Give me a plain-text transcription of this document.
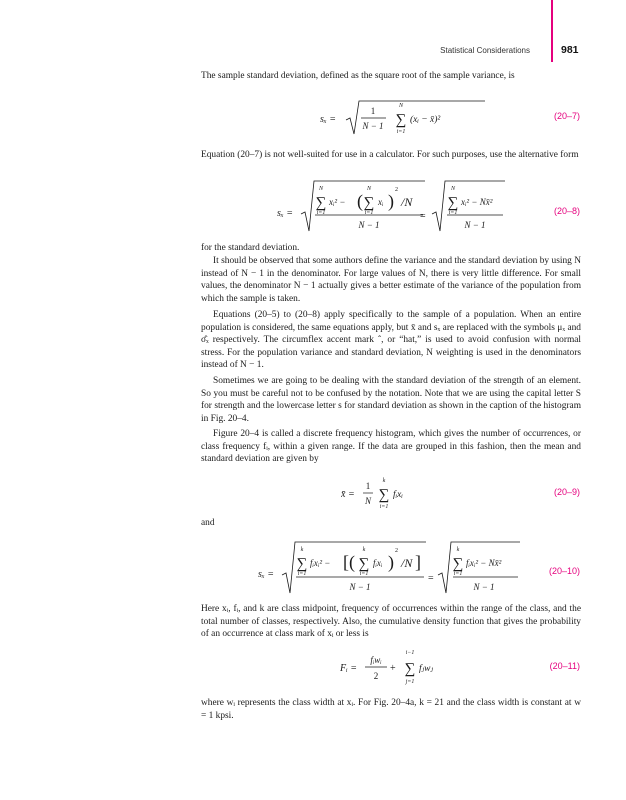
Statistical Considerations	981

The sample standard deviation, defined as the square root of the sample variance, is

sₓ =
1
N − 1
N
∑
i=1
(xᵢ − x̄)²	(20–7)

Equation (20–7) is not well-suited for use in a calculator. For such purposes, use the alternative form

sₓ =
N
∑
i=1
xᵢ² − (
N
∑
i=1
xᵢ )
2
/N
N − 1
=
N
∑
i=1
xᵢ² − Nx̄²
N − 1
(20–8)

for the standard deviation.

It should be observed that some authors define the variance and the standard deviation by using N instead of N − 1 in the denominator. For large values of N, there is very little difference. For small values, the denominator N − 1 actually gives a better estimate of the variance of the population from which the sample is taken.

Equations (20–5) to (20–8) apply specifically to the sample of a population. When an entire population is considered, the same equations apply, but x̄ and sₓ are replaced with the symbols μₓ and σ̂ₓ respectively. The circumflex accent mark ˆ, or “hat,” is used to avoid confusion with normal stress. For the population variance and standard deviation, N weighting is used in the denominators instead of N − 1.

Sometimes we are going to be dealing with the standard deviation of the strength of an element. So you must be careful not to be confused by the notation. Note that we are using the capital letter S for strength and the lowercase letter s for standard deviation as shown in the caption of the histogram in Fig. 20–4.

Figure 20–4 is called a discrete frequency histogram, which gives the number of occurrences, or class frequency fᵢ, within a given range. If the data are grouped in this fashion, then the mean and standard deviation are given by

x̄ =
1
N
k
∑
i=1
fᵢxᵢ	(20–9)

and

sₓ =
k
∑
i=1
fᵢxᵢ² − [(
k
∑
i=1
fᵢxᵢ )
2
/N ]
N − 1
=
k
∑
i=1
fᵢxᵢ² − Nx̄²
N − 1
(20–10)

Here xᵢ, fᵢ, and k are class midpoint, frequency of occurrences within the range of the class, and the total number of classes, respectively. Also, the cumulative density function that gives the probability of an occurrence at class mark of xᵢ or less is

Fᵢ =
fᵢwᵢ
2
+
i−1
∑
j=1
fⱼwⱼ	(20–11)

where wᵢ represents the class width at xᵢ. For Fig. 20–4a, k = 21 and the class width is constant at w = 1 kpsi.
